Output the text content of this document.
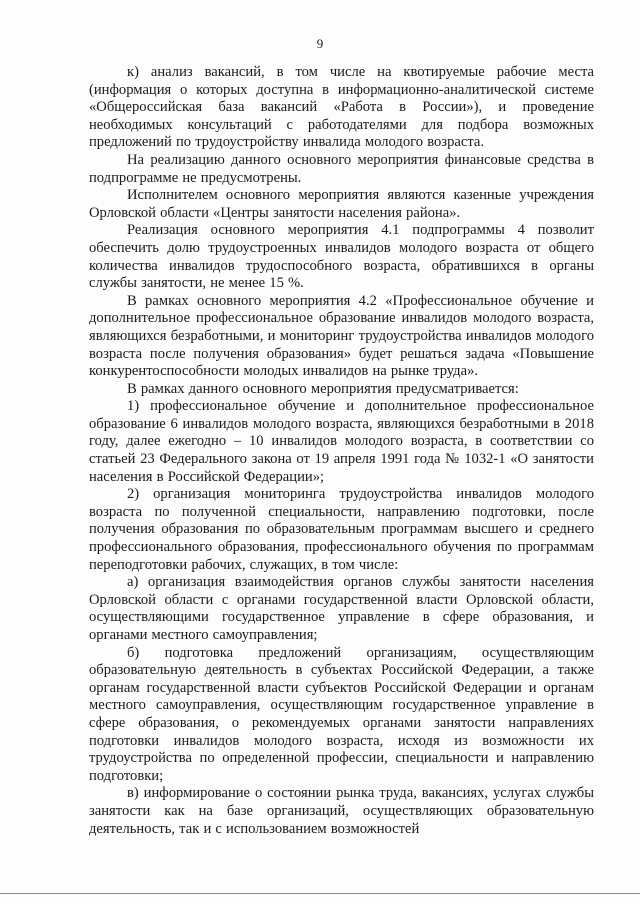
9

к) анализ вакансий, в том числе на квотируемые рабочие места (информация о которых доступна в информационно-аналитической системе «Общероссийская база вакансий «Работа в России»), и проведение необходимых консультаций с работодателями для подбора возможных предложений по трудоустройству инвалида молодого возраста.

На реализацию данного основного мероприятия финансовые средства в подпрограмме не предусмотрены.

Исполнителем основного мероприятия являются казенные учреждения Орловской области «Центры занятости населения района».

Реализация основного мероприятия 4.1 подпрограммы 4 позволит обеспечить долю трудоустроенных инвалидов молодого возраста от общего количества инвалидов трудоспособного возраста, обратившихся в органы службы занятости, не менее 15 %.

В рамках основного мероприятия 4.2 «Профессиональное обучение и дополнительное профессиональное образование инвалидов молодого возраста, являющихся безработными, и мониторинг трудоустройства инвалидов молодого возраста после получения образования» будет решаться задача «Повышение конкурентоспособности молодых инвалидов на рынке труда».

В рамках данного основного мероприятия предусматривается:

1) профессиональное обучение и дополнительное профессиональное образование 6 инвалидов молодого возраста, являющихся безработными в 2018 году, далее ежегодно – 10 инвалидов молодого возраста, в соответствии со статьей 23 Федерального закона от 19 апреля 1991 года № 1032-1 «О занятости населения в Российской Федерации»;

2) организация мониторинга трудоустройства инвалидов молодого возраста по полученной специальности, направлению подготовки, после получения образования по образовательным программам высшего и среднего профессионального образования, профессионального обучения по программам переподготовки рабочих, служащих, в том числе:

а) организация взаимодействия органов службы занятости населения Орловской области с органами государственной власти Орловской области, осуществляющими государственное управление в сфере образования, и органами местного самоуправления;

б) подготовка предложений организациям, осуществляющим образовательную деятельность в субъектах Российской Федерации, а также органам государственной власти субъектов Российской Федерации и органам местного самоуправления, осуществляющим государственное управление в сфере образования, о рекомендуемых органами занятости направлениях подготовки инвалидов молодого возраста, исходя из возможности их трудоустройства по определенной профессии, специальности и направлению подготовки;

в) информирование о состоянии рынка труда, вакансиях, услугах службы занятости как на базе организаций, осуществляющих образовательную деятельность, так и с использованием возможностей
